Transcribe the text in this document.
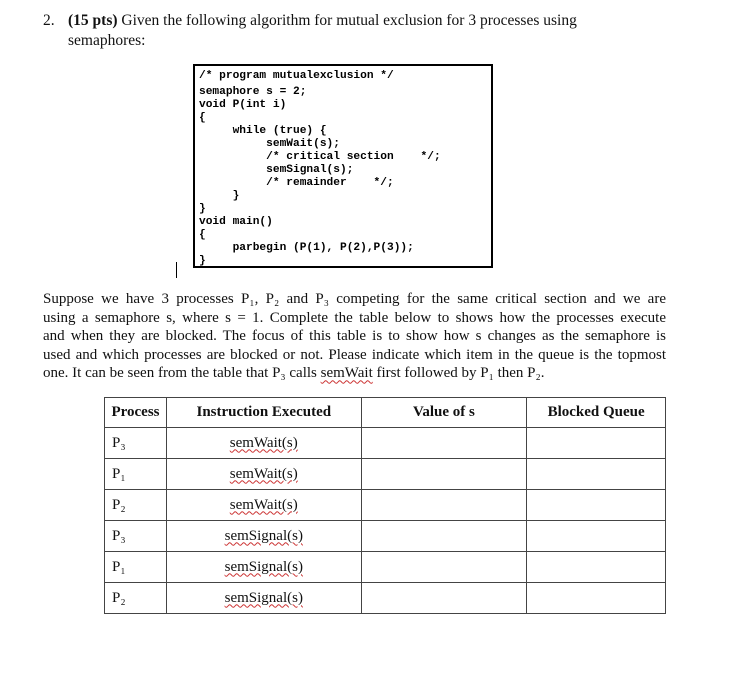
2. (15 pts) Given the following algorithm for mutual exclusion for 3 processes using
semaphores:
/* program mutualexclusion */
semaphore s = 2;
void P(int i)
{
while (true) {
semWait(s);
/* critical section    */;
semSignal(s);
/* remainder    */;
}
}
void main()
{
parbegin (P(1), P(2),P(3));
}
Suppose we have 3 processes P₁, P₂ and P₃ competing for the same critical section and we are
using a semaphore s, where s = 1. Complete the table below to shows how the processes execute
and when they are blocked. The focus of this table is to show how s changes as the semaphore is
used and which processes are blocked or not. Please indicate which item in the queue is the topmost
one. It can be seen from the table that P₃ calls semWait first followed by P₁ then P₂.
Process	Instruction Executed	Value of s	Blocked Queue
P₃	semWait(s)		
P₁	semWait(s)		
P₂	semWait(s)		
P₃	semSignal(s)		
P₁	semSignal(s)		
P₂	semSignal(s)		
